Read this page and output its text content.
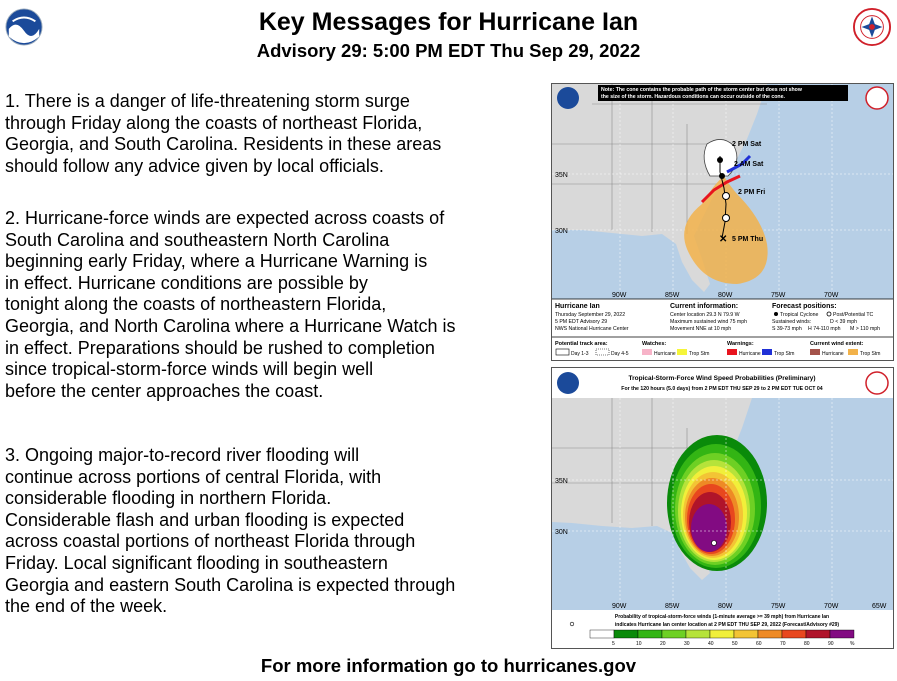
Key Messages for Hurricane Ian
Advisory 29: 5:00 PM EDT Thu Sep 29, 2022

1. There is a danger of life-threatening storm surge
through Friday along the coasts of northeast Florida,
Georgia, and South Carolina. Residents in these areas
should follow any advice given by local officials.

2. Hurricane-force winds are expected across coasts of
South Carolina and southeastern North Carolina
beginning early Friday, where a Hurricane Warning is
in effect. Hurricane conditions are possible by
tonight along the coasts of northeastern Florida,
Georgia, and North Carolina where a Hurricane Watch is
in effect. Preparations should be rushed to completion
since tropical-storm-force winds will begin well
before the center approaches the coast.

3. Ongoing major-to-record river flooding will
continue across portions of central Florida, with
considerable flooding in northern Florida.
Considerable flash and urban flooding is expected
across coastal portions of northeast Florida through
Friday. Local significant flooding in southeastern
Georgia and eastern South Carolina is expected through
the end of the week.

For more information go to hurricanes.gov
✕
2 PM Sat
2 AM Sat
2 PM Fri
5 PM Thu
35N
30N
90W	85W	80W	75W	70W
Note: The cone contains the probable path of the storm center but does not show
the size of the storm. Hazardous conditions can occur outside of the cone.
Hurricane Ian
Thursday September 29, 2022
5 PM EDT Advisory 29
NWS National Hurricane Center
Current information:
Center location 29.3 N 79.9 W
Maximum sustained wind 75 mph
Movement NNE at 10 mph
Forecast positions:
Tropical Cyclone	Post/Potential TC
Sustained winds:	D < 39 mph
S 39-73 mph H 74-110 mph M > 110 mph
Potential track area:
Day 1-3	Day 4-5
Watches:
Hurricane	Trop Stm
Warnings:
Hurricane	Trop Stm
Current wind extent:
Hurricane	Trop Stm
Tropical-Storm-Force Wind Speed Probabilities (Preliminary)
For the 120 hours (5.0 days) from 2 PM EDT THU SEP 29 to 2 PM EDT TUE OCT 04
35N
30N
90W	85W	80W	75W	70W	65W
Probability of tropical-storm-force winds (1-minute average >= 39 mph) from Hurricane Ian
indicates Hurricane Ian center location at 2 PM EDT THU SEP 29, 2022 (Forecast/Advisory #29)
5	10	20	30	40	50	60	70	80	90	%
